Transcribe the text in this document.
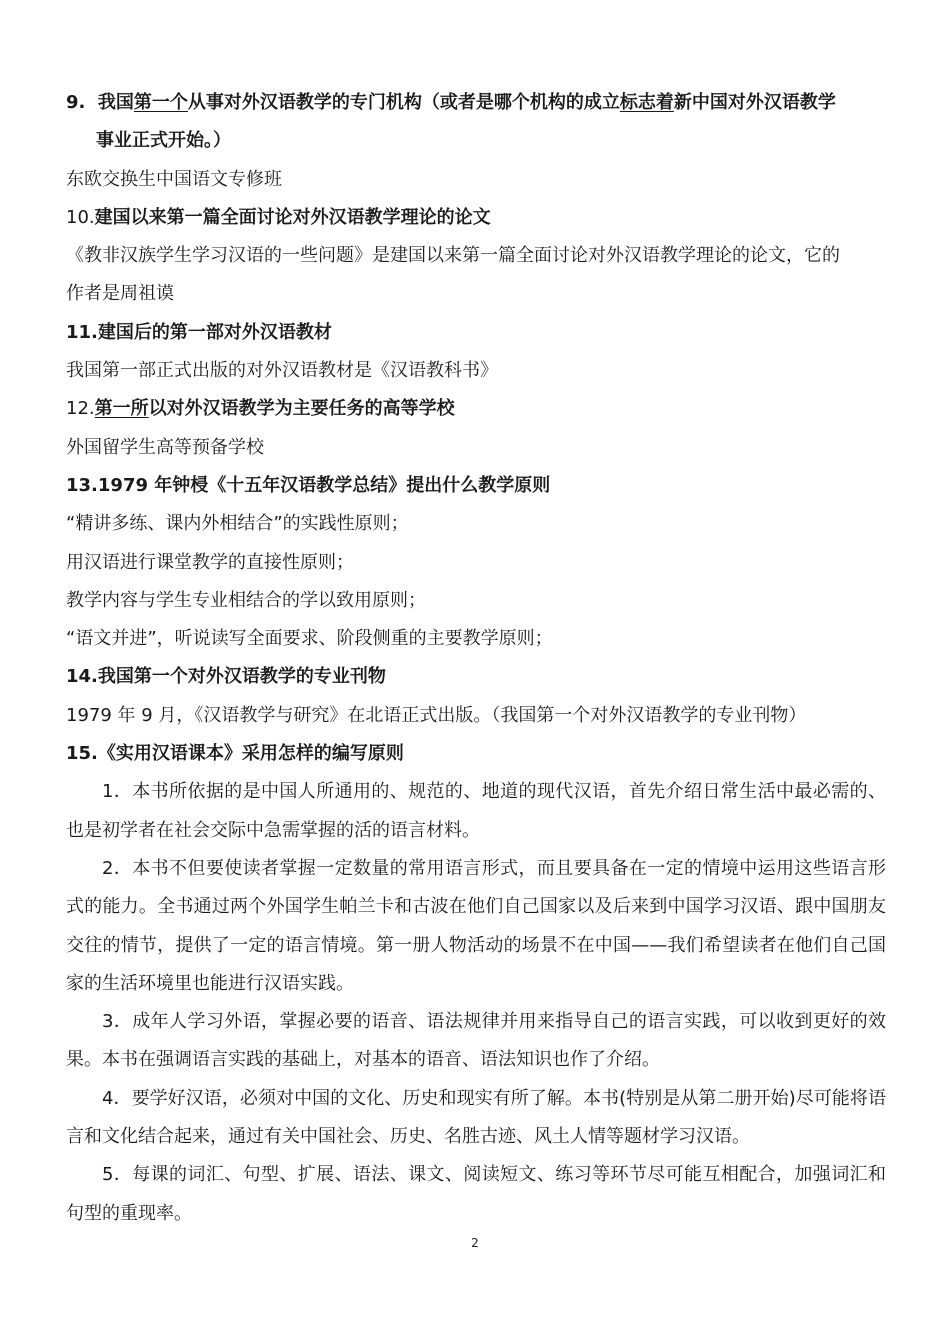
9. 我国第一个从事对外汉语教学的专门机构（或者是哪个机构的成立标志着新中国对外汉语教学
事业正式开始。）
东欧交换生中国语文专修班
10.建国以来第一篇全面讨论对外汉语教学理论的论文
《教非汉族学生学习汉语的一些问题》是建国以来第一篇全面讨论对外汉语教学理论的论文，它的
作者是周祖谟
11.建国后的第一部对外汉语教材
我国第一部正式出版的对外汉语教材是《汉语教科书》
12.第一所以对外汉语教学为主要任务的高等学校
外国留学生高等预备学校
13.1979 年钟梫《十五年汉语教学总结》提出什么教学原则
“精讲多练、课内外相结合”的实践性原则；
用汉语进行课堂教学的直接性原则；
教学内容与学生专业相结合的学以致用原则；
“语文并进”，听说读写全面要求、阶段侧重的主要教学原则；
14.我国第一个对外汉语教学的专业刊物
1979 年 9 月，《汉语教学与研究》在北语正式出版。（我国第一个对外汉语教学的专业刊物）
15.《实用汉语课本》采用怎样的编写原则

1．本书所依据的是中国人所通用的、规范的、地道的现代汉语，首先介绍日常生活中最必需的、也是初学者在社会交际中急需掌握的活的语言材料。

2．本书不但要使读者掌握一定数量的常用语言形式，而且要具备在一定的情境中运用这些语言形式的能力。全书通过两个外国学生帕兰卡和古波在他们自己国家以及后来到中国学习汉语、跟中国朋友交往的情节，提供了一定的语言情境。第一册人物活动的场景不在中国——我们希望读者在他们自己国家的生活环境里也能进行汉语实践。

3．成年人学习外语，掌握必要的语音、语法规律并用来指导自己的语言实践，可以收到更好的效果。本书在强调语言实践的基础上，对基本的语音、语法知识也作了介绍。

4．要学好汉语，必须对中国的文化、历史和现实有所了解。本书(特别是从第二册开始)尽可能将语言和文化结合起来，通过有关中国社会、历史、名胜古迹、风土人情等题材学习汉语。

5．每课的词汇、句型、扩展、语法、课文、阅读短文、练习等环节尽可能互相配合，加强词汇和句型的重现率。

2
